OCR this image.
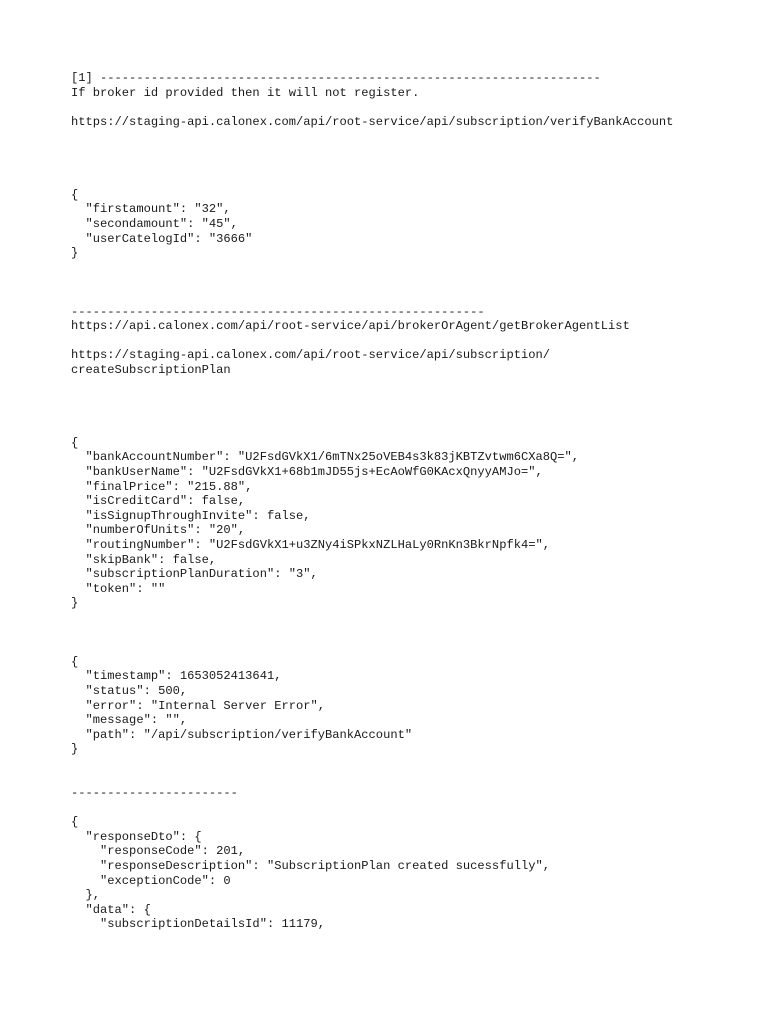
[1] ---------------------------------------------------------------------
If broker id provided then it will not register.
https://staging-api.calonex.com/api/root-service/api/subscription/verifyBankAccount
{
"firstamount": "32",
"secondamount": "45",
"userCatelogId": "3666"
}
---------------------------------------------------------
https://api.calonex.com/api/root-service/api/brokerOrAgent/getBrokerAgentList
https://staging-api.calonex.com/api/root-service/api/subscription/
createSubscriptionPlan
{
"bankAccountNumber": "U2FsdGVkX1/6mTNx25oVEB4s3k83jKBTZvtwm6CXa8Q=",
"bankUserName": "U2FsdGVkX1+68b1mJD55js+EcAoWfG0KAcxQnyyAMJo=",
"finalPrice": "215.88",
"isCreditCard": false,
"isSignupThroughInvite": false,
"numberOfUnits": "20",
"routingNumber": "U2FsdGVkX1+u3ZNy4iSPkxNZLHaLy0RnKn3BkrNpfk4=",
"skipBank": false,
"subscriptionPlanDuration": "3",
"token": ""
}
{
"timestamp": 1653052413641,
"status": 500,
"error": "Internal Server Error",
"message": "",
"path": "/api/subscription/verifyBankAccount"
}
-----------------------
{
"responseDto": {
"responseCode": 201,
"responseDescription": "SubscriptionPlan created sucessfully",
"exceptionCode": 0
},
"data": {
"subscriptionDetailsId": 11179,
